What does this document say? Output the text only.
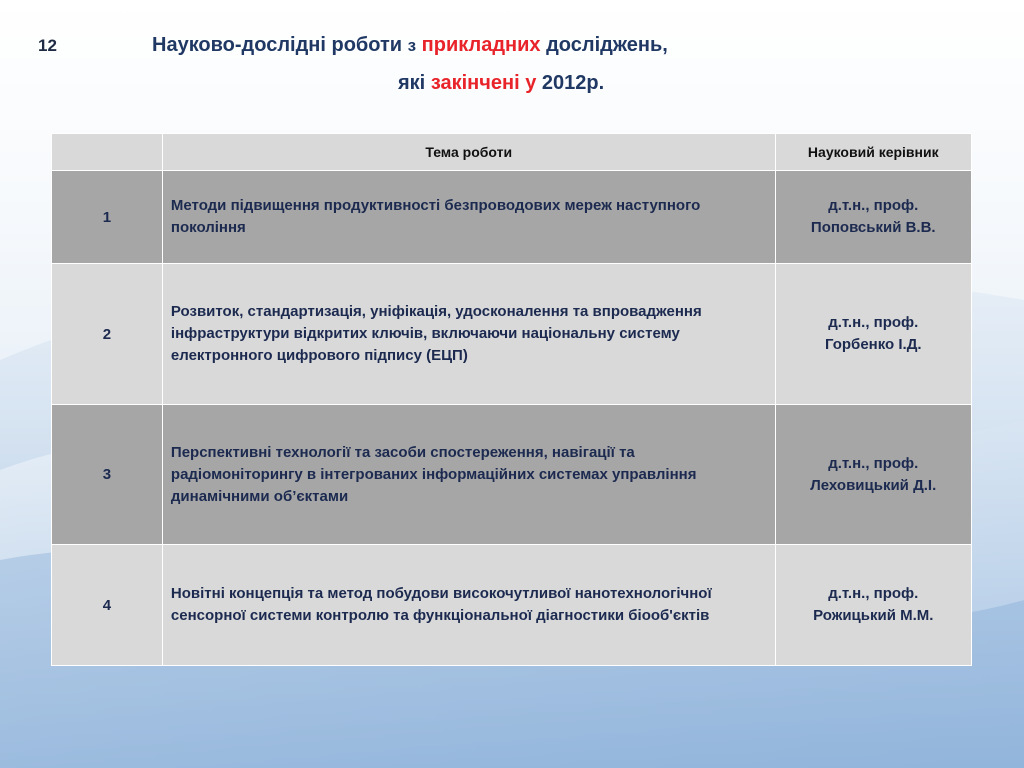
12	Науково-дослідні роботи з прикладних досліджень,
які закінчені у 2012р.
	Тема роботи	Науковий керівник
1	Методи підвищення продуктивності безпроводових мереж наступного покоління	д.т.н., проф.
Поповський В.В.

2	Розвиток, стандартизація, уніфікація, удосконалення та впровадження інфраструктури відкритих ключів, включаючи національну систему електронного цифрового підпису (ЕЦП)	д.т.н., проф.
Горбенко І.Д.

3	Перспективні технології та засоби спостереження, навігації та радіомоніторингу в інтегрованих інформаційних системах управління динамічними об’єктами	д.т.н., проф.
Леховицький Д.І.

4	Новітні концепція та метод побудови високочутливої нанотехнологічної сенсорної системи контролю та функціональної діагностики біооб'єктів	д.т.н., проф.
Рожицький М.М.
